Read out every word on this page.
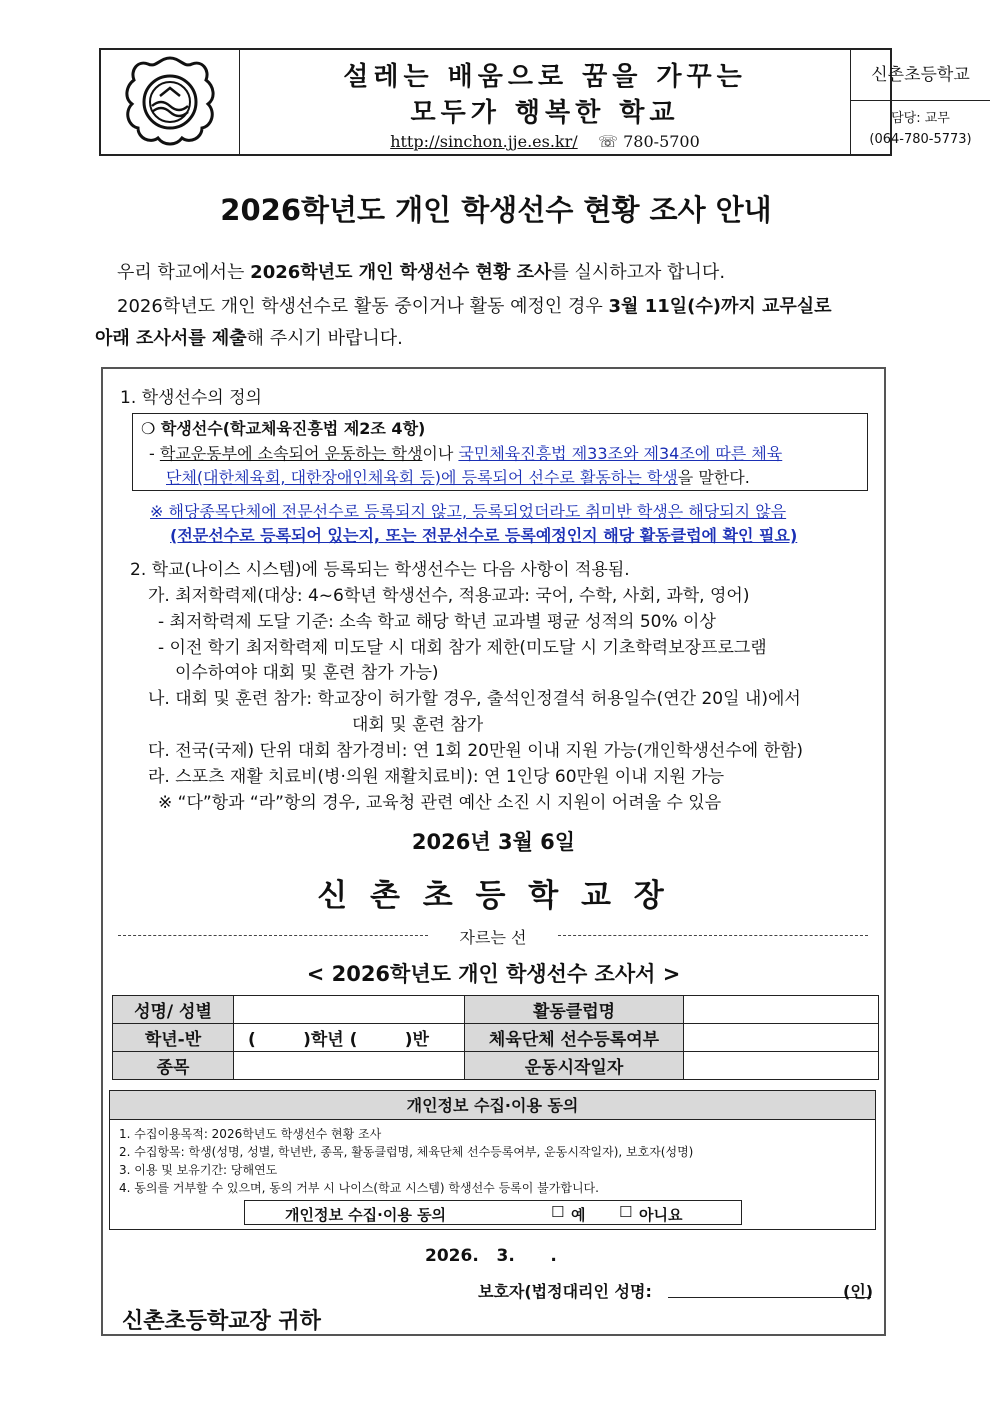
설레는 배움으로 꿈을 가꾸는
모두가 행복한 학교
http://sinchon.jje.es.kr/ ☏ 780-5700
신촌초등학교
담당: 교무
(064-780-5773)
2026학년도 개인 학생선수 현황 조사 안내
우리 학교에서는 2026학년도 개인 학생선수 현황 조사를 실시하고자 합니다.
2026학년도 개인 학생선수로 활동 중이거나 활동 예정인 경우 3월 11일(수)까지 교무실로
아래 조사서를 제출해 주시기 바랍니다.
1. 학생선수의 정의
❍ 학생선수(학교체육진흥법 제2조 4항)
- 학교운동부에 소속되어 운동하는 학생이나 국민체육진흥법 제33조와 제34조에 따른 체육
단체(대한체육회, 대한장애인체육회 등)에 등록되어 선수로 활동하는 학생을 말한다.
※ 해당종목단체에 전문선수로 등록되지 않고, 등록되었더라도 취미반 학생은 해당되지 않음
(전문선수로 등록되어 있는지, 또는 전문선수로 등록예정인지 해당 활동클럽에 확인 필요)
2. 학교(나이스 시스템)에 등록되는 학생선수는 다음 사항이 적용됨.
가. 최저학력제(대상: 4~6학년 학생선수, 적용교과: 국어, 수학, 사회, 과학, 영어)
- 최저학력제 도달 기준: 소속 학교 해당 학년 교과별 평균 성적의 50% 이상
- 이전 학기 최저학력제 미도달 시 대회 참가 제한(미도달 시 기초학력보장프로그램
이수하여야 대회 및 훈련 참가 가능)
나. 대회 및 훈련 참가: 학교장이 허가할 경우, 출석인정결석 허용일수(연간 20일 내)에서
대회 및 훈련 참가
다. 전국(국제) 단위 대회 참가경비: 연 1회 20만원 이내 지원 가능(개인학생선수에 한함)
라. 스포츠 재활 치료비(병·의원 재활치료비): 연 1인당 60만원 이내 지원 가능
※ “다”항과 “라”항의 경우, 교육청 관련 예산 소진 시 지원이 어려울 수 있음
2026년 3월 6일
신 촌 초 등 학 교 장
자르는 선
< 2026학년도 개인 학생선수 조사서 >
성명/ 성별		활동클럽명	
학년-반	(        )학년 (        )반	체육단체 선수등록여부	
종목		운동시작일자	
개인정보 수집·이용 동의
1. 수집이용목적: 2026학년도 학생선수 현황 조사
2. 수집항목: 학생(성명, 성별, 학년반, 종목, 활동클럽명, 체육단체 선수등록여부, 운동시작일자), 보호자(성명)
3. 이용 및 보유기간: 당해연도
4. 동의를 거부할 수 있으며, 동의 거부 시 나이스(학교 시스템) 학생선수 등록이 불가합니다.
개인정보 수집·이용 동의	☐ 예 ☐ 아니요
2026.   3.      .
보호자(법정대리인 성명:	(인)
신촌초등학교장 귀하
